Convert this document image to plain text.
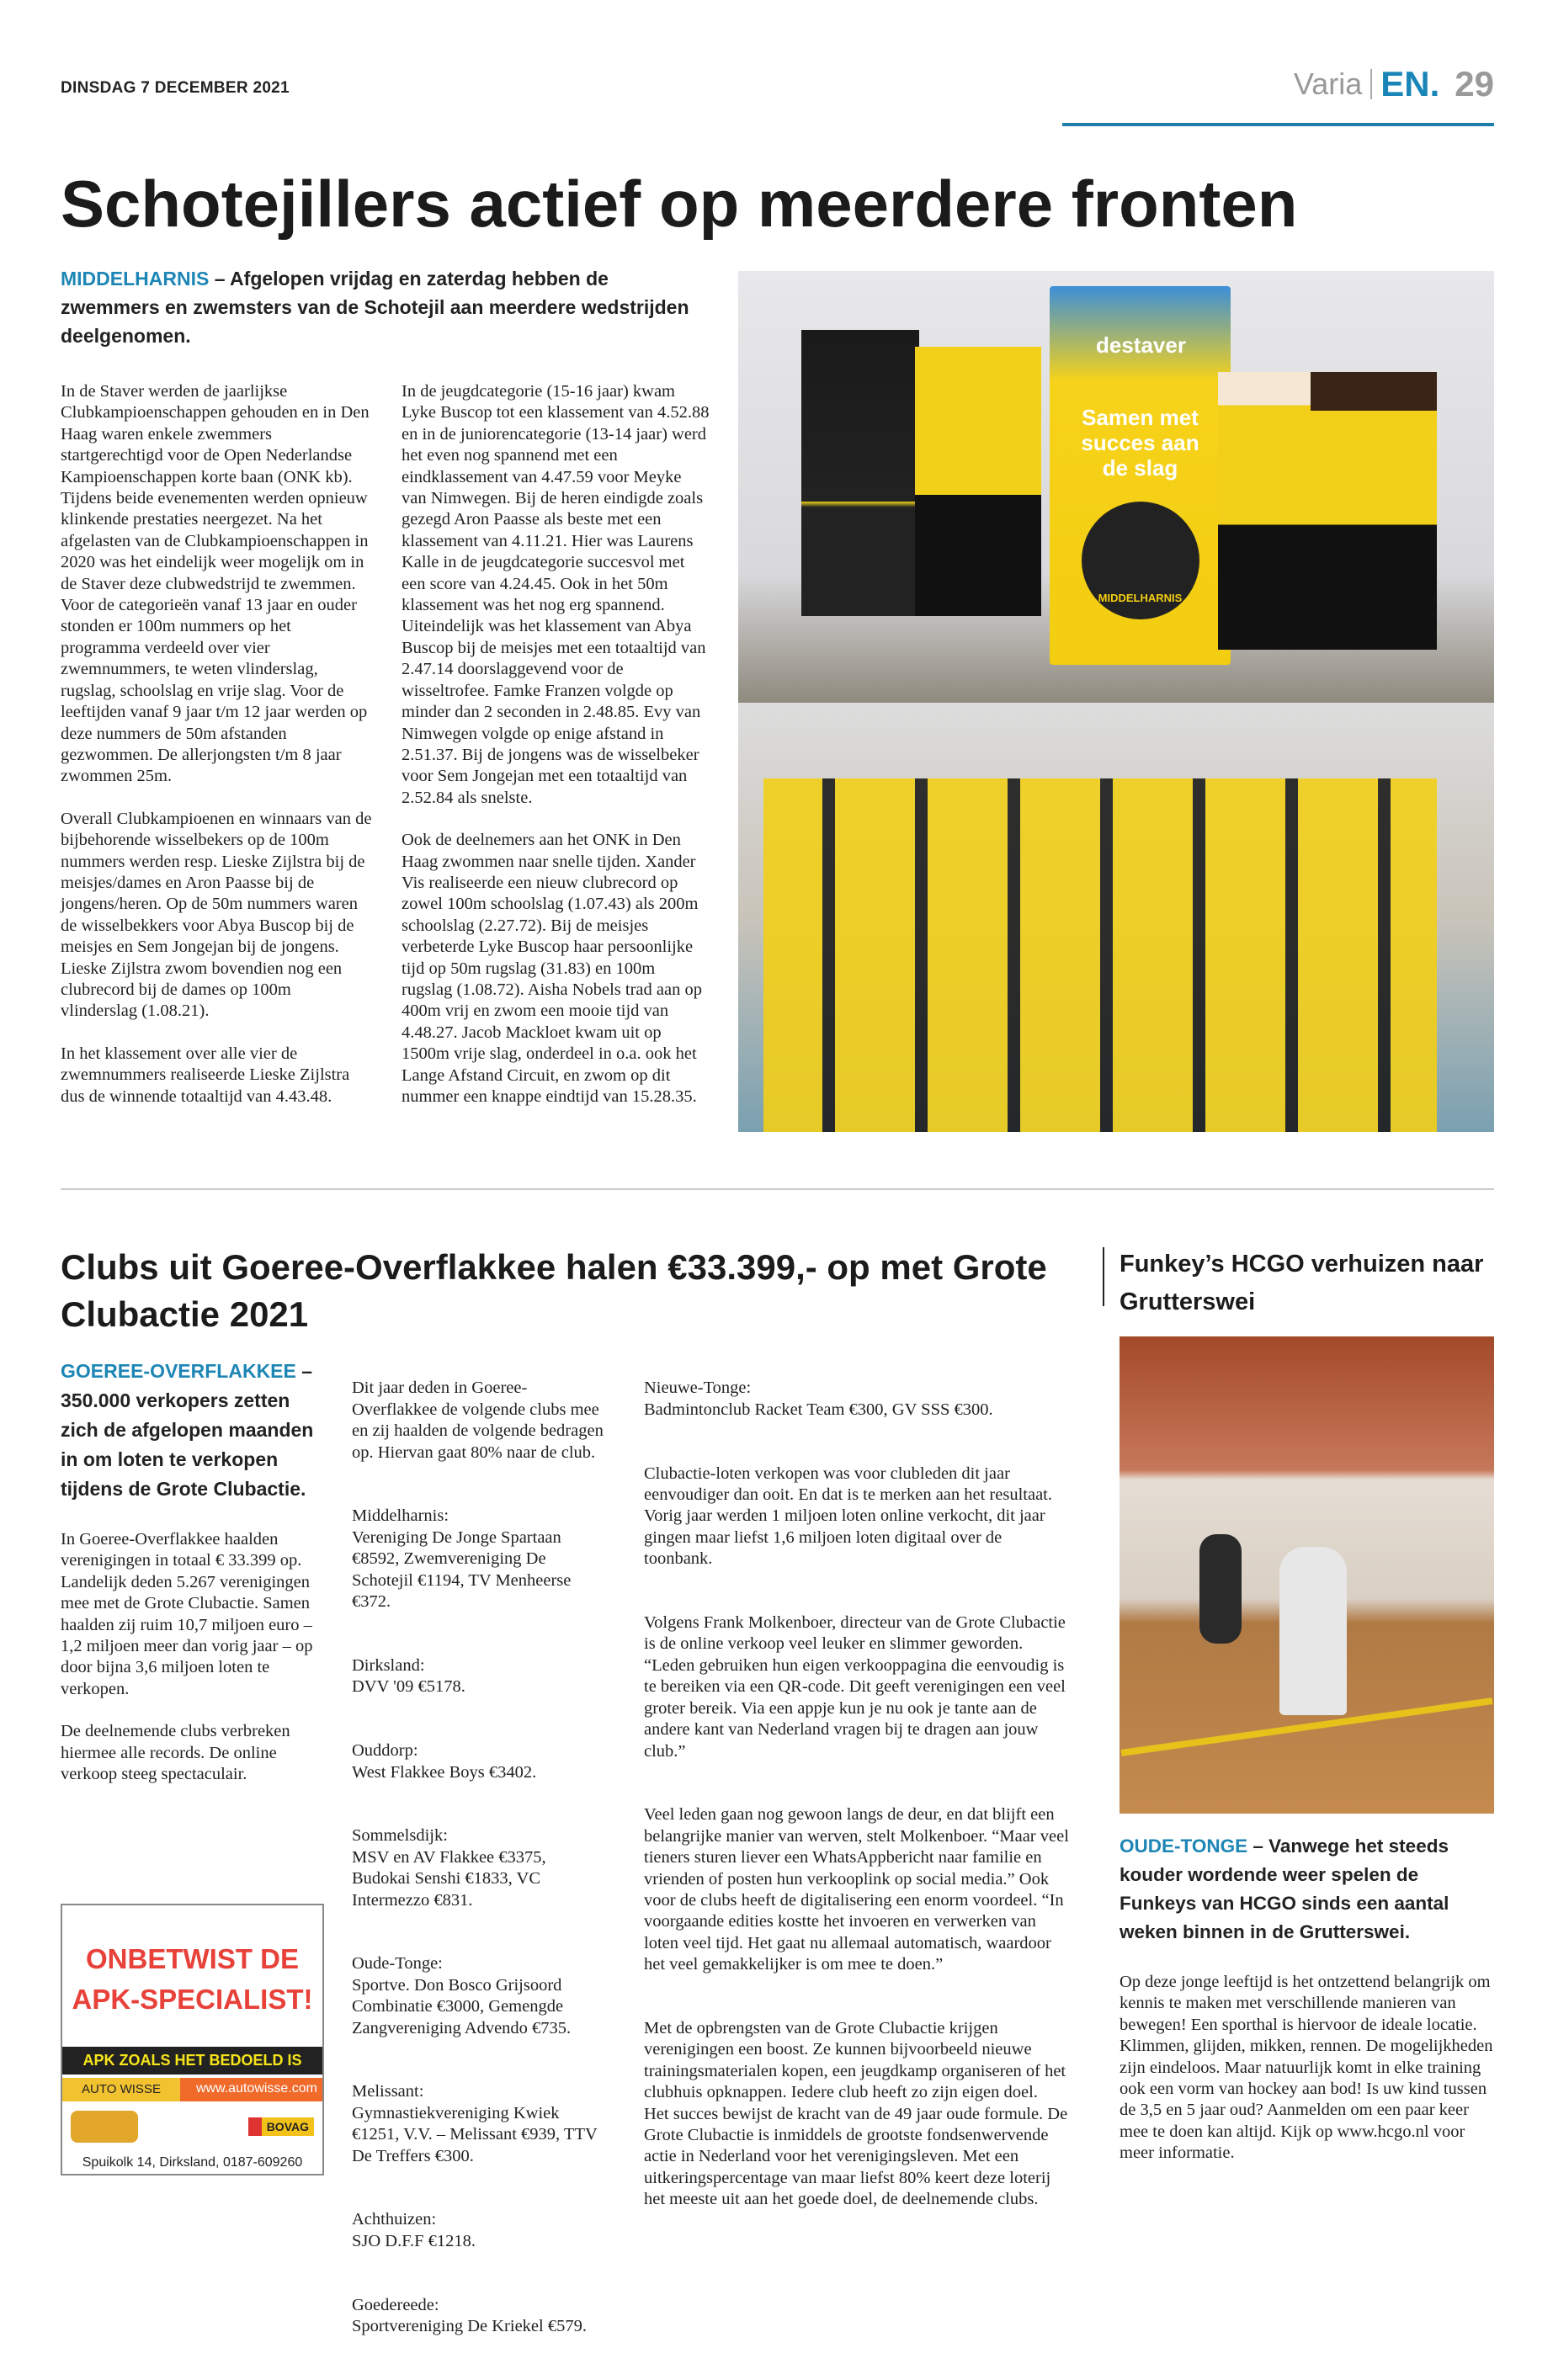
DINSDAG 7 DECEMBER 2021	Varia EN. 29
Schotejillers actief op meerdere fronten
MIDDELHARNIS – Afgelopen vrijdag en zaterdag hebben de zwemmers en zwemsters van de Schotejil aan meerdere wedstrijden deelgenomen.

In de Staver werden de jaarlijkse Clubkampioenschappen gehouden en in Den Haag waren enkele zwemmers startgerechtigd voor de Open Nederlandse Kampioenschappen korte baan (ONK kb). Tijdens beide evenementen werden opnieuw klinkende prestaties neergezet. Na het afgelasten van de Clubkampioenschappen in 2020 was het eindelijk weer mogelijk om in de Staver deze clubwedstrijd te zwemmen. Voor de categorieën vanaf 13 jaar en ouder stonden er 100m nummers op het programma verdeeld over vier zwemnummers, te weten vlinderslag, rugslag, schoolslag en vrije slag. Voor de leeftijden vanaf 9 jaar t/m 12 jaar werden op deze nummers de 50m afstanden gezwommen. De allerjongsten t/m 8 jaar zwommen 25m.

Overall Clubkampioenen en winnaars van de bijbehorende wisselbekers op de 100m nummers werden resp. Lieske Zijlstra bij de meisjes/dames en Aron Paasse bij de jongens/heren. Op de 50m nummers waren de wisselbekkers voor Abya Buscop bij de meisjes en Sem Jongejan bij de jongens. Lieske Zijlstra zwom bovendien nog een clubrecord bij de dames op 100m vlinderslag (1.08.21).

In het klassement over alle vier de zwemnummers realiseerde Lieske Zijlstra dus de winnende totaaltijd van 4.43.48.

In de jeugdcategorie (15-16 jaar) kwam Lyke Buscop tot een klassement van 4.52.88 en in de juniorencategorie (13-14 jaar) werd het even nog spannend met een eindklassement van 4.47.59 voor Meyke van Nimwegen. Bij de heren eindigde zoals gezegd Aron Paasse als beste met een klassement van 4.11.21. Hier was Laurens Kalle in de jeugdcategorie succesvol met een score van 4.24.45. Ook in het 50m klassement was het nog erg spannend. Uiteindelijk was het klassement van Abya Buscop bij de meisjes met een totaaltijd van 2.47.14 doorslaggevend voor de wisseltrofee. Famke Franzen volgde op minder dan 2 seconden in 2.48.85. Evy van Nimwegen volgde op enige afstand in 2.51.37. Bij de jongens was de wisselbeker voor Sem Jongejan met een totaaltijd van 2.52.84 als snelste.

Ook de deelnemers aan het ONK in Den Haag zwommen naar snelle tijden. Xander Vis realiseerde een nieuw clubrecord op zowel 100m schoolslag (1.07.43) als 200m schoolslag (2.27.72). Bij de meisjes verbeterde Lyke Buscop haar persoonlijke tijd op 50m rugslag (31.83) en 100m rugslag (1.08.72). Aisha Nobels trad aan op 400m vrij en zwom een mooie tijd van 4.48.27. Jacob Mackloet kwam uit op 1500m vrije slag, onderdeel in o.a. ook het Lange Afstand Circuit, en zwom op dit nummer een knappe eindtijd van 15.28.35.

destaver
Samen met succes aan de slag
MIDDELHARNIS
Clubs uit Goeree-Overflakkee halen €33.399,- op met Grote Clubactie 2021
GOEREE-OVERFLAKKEE – 350.000 verkopers zetten zich de afgelopen maanden in om loten te verkopen tijdens de Grote Clubactie.

In Goeree-Overflakkee haalden verenigingen in totaal € 33.399 op. Landelijk deden 5.267 verenigingen mee met de Grote Clubactie. Samen haalden zij ruim 10,7 miljoen euro – 1,2 miljoen meer dan vorig jaar – op door bijna 3,6 miljoen loten te verkopen.

De deelnemende clubs verbreken hiermee alle records. De online verkoop steeg spectaculair.

Dit jaar deden in Goeree-Overflakkee de volgende clubs mee en zij haalden de volgende bedragen op. Hiervan gaat 80% naar de club.

Middelharnis:
Vereniging De Jonge Spartaan €8592, Zwemvereniging De Schotejil €1194, TV Menheerse €372.

Dirksland:
DVV '09 €5178.

Ouddorp:
West Flakkee Boys €3402.

Sommelsdijk:
MSV en AV Flakkee €3375, Budokai Senshi €1833, VC Intermezzo €831.

Oude-Tonge:
Sportve. Don Bosco Grijsoord Combinatie €3000, Gemengde Zangvereniging Advendo €735.

Melissant:
Gymnastiekvereniging Kwiek €1251, V.V. – Melissant €939, TTV De Treffers €300.

Achthuizen:
SJO D.F.F €1218.

Goedereede:
Sportvereniging De Kriekel €579.

Nieuwe-Tonge:
Badmintonclub Racket Team €300, GV SSS €300.

Clubactie-loten verkopen was voor clubleden dit jaar eenvoudiger dan ooit. En dat is te merken aan het resultaat. Vorig jaar werden 1 miljoen loten online verkocht, dit jaar gingen maar liefst 1,6 miljoen loten digitaal over de toonbank.

Volgens Frank Molkenboer, directeur van de Grote Clubactie is de online verkoop veel leuker en slimmer geworden. “Leden gebruiken hun eigen verkooppagina die eenvoudig is te bereiken via een QR-code. Dit geeft verenigingen een veel groter bereik. Via een appje kun je nu ook je tante aan de andere kant van Nederland vragen bij te dragen aan jouw club.”

Veel leden gaan nog gewoon langs de deur, en dat blijft een belangrijke manier van werven, stelt Molkenboer. “Maar veel tieners sturen liever een WhatsAppbericht naar familie en vrienden of posten hun verkooplink op social media.” Ook voor de clubs heeft de digitalisering een enorm voordeel. “In voorgaande edities kostte het invoeren en verwerken van loten veel tijd. Het gaat nu allemaal automatisch, waardoor het veel gemakkelijker is om mee te doen.”

Met de opbrengsten van de Grote Clubactie krijgen verenigingen een boost. Ze kunnen bijvoorbeeld nieuwe trainingsmaterialen kopen, een jeugdkamp organiseren of het clubhuis opknappen. Iedere club heeft zo zijn eigen doel.
Het succes bewijst de kracht van de 49 jaar oude formule. De Grote Clubactie is inmiddels de grootste fondsenwervende actie in Nederland voor het verenigingsleven. Met een uitkeringspercentage van maar liefst 80% keert deze loterij het meeste uit aan het goede doel, de deelnemende clubs.

ONBETWIST DE
APK-SPECIALIST!
APK ZOALS HET BEDOELD IS
AUTO WISSE	www.autowisse.com
BOVAG
Spuikolk 14, Dirksland, 0187-609260
Funkey’s HCGO verhuizen naar Grutterswei
OUDE-TONGE – Vanwege het steeds kouder wordende weer spelen de Funkeys van HCGO sinds een aantal weken binnen in de Grutterswei.

Op deze jonge leeftijd is het ontzettend belangrijk om kennis te maken met verschillende manieren van bewegen! Een sporthal is hiervoor de ideale locatie. Klimmen, glijden, mikken, rennen. De mogelijkheden zijn eindeloos. Maar natuurlijk komt in elke training ook een vorm van hockey aan bod! Is uw kind tussen de 3,5 en 5 jaar oud? Aanmelden om een paar keer mee te doen kan altijd. Kijk op www.hcgo.nl voor meer informatie.
